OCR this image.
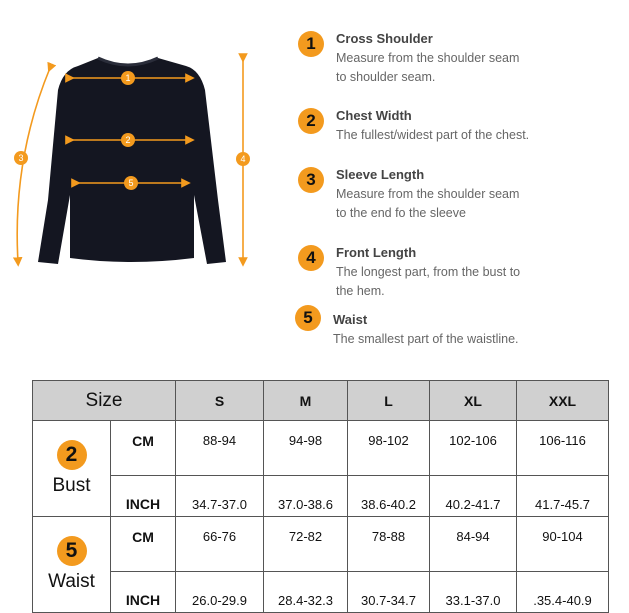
1
2
5
3	4
1	Cross Shoulder
Measure from the shoulder seam
to shoulder seam.
2	Chest Width
The fullest/widest part of the chest.
3	Sleeve Length
Measure from the shoulder seam
to the end fo the sleeve
4	Front Length
The longest part, from the bust to
the hem.
5	Waist
The smallest part of the waistline.
Size		S	M	L	XL	XXL

2
Bust	CM	88-94	94-98	98-102	102-106	106-116
	INCH	34.7-37.0	37.0-38.6	38.6-40.2	40.2-41.7	41.7-45.7

5
Waist	CM	66-76	72-82	78-88	84-94	90-104
	INCH	26.0-29.9	28.4-32.3	30.7-34.7	33.1-37.0	.35.4-40.9
